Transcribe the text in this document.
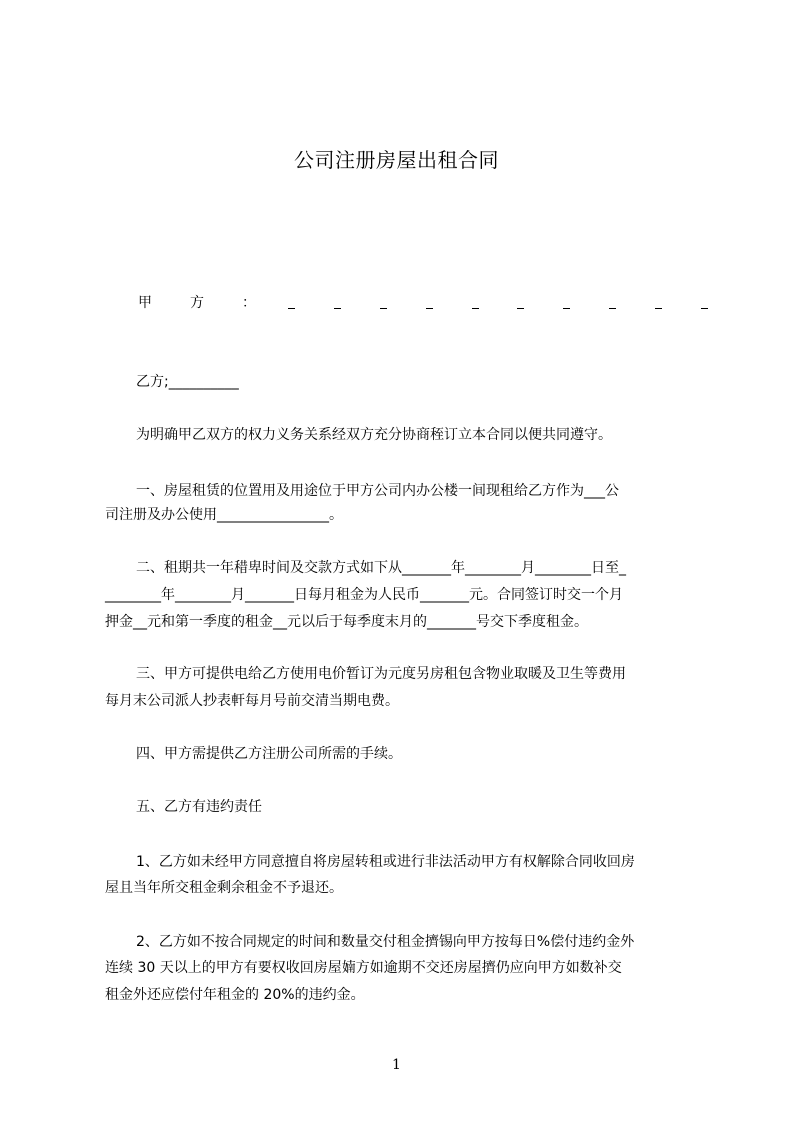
公司注册房屋出租合同
甲	方	：
乙方;__________
为明确甲乙双方的权力义务关系经双方充分协商秷订立本合同以便共同遵守。
一、房屋租赁的位置用及用途位于甲方公司内办公楼一间现租给乙方作为___公
司注册及办公使用________________。
二、租期共一年稓卑时间及交款方式如下从_______年________月________日至_
________年________月_______日每月租金为人民币_______元。合同签订时交一个月
押金__元和第一季度的租金__元以后于每季度末月的_______号交下季度租金。
三、甲方可提供电给乙方使用电价暂订为元度另房租包含物业取暖及卫生等费用
每月末公司派人抄表軒每月号前交清当期电费。
四、甲方需提供乙方注册公司所需的手续。
五、乙方有违约责任
1、乙方如未经甲方同意擅自将房屋转租或进行非法活动甲方有权解除合同收回房
屋且当年所交租金剩余租金不予退还。
2、乙方如不按合同规定的时间和数量交付租金擠锡向甲方按每日%偿付违约金外
连续 30 天以上的甲方有要权收回房屋婻方如逾期不交还房屋擠仍应向甲方如数补交
租金外还应偿付年租金的 20%的违约金。
1
